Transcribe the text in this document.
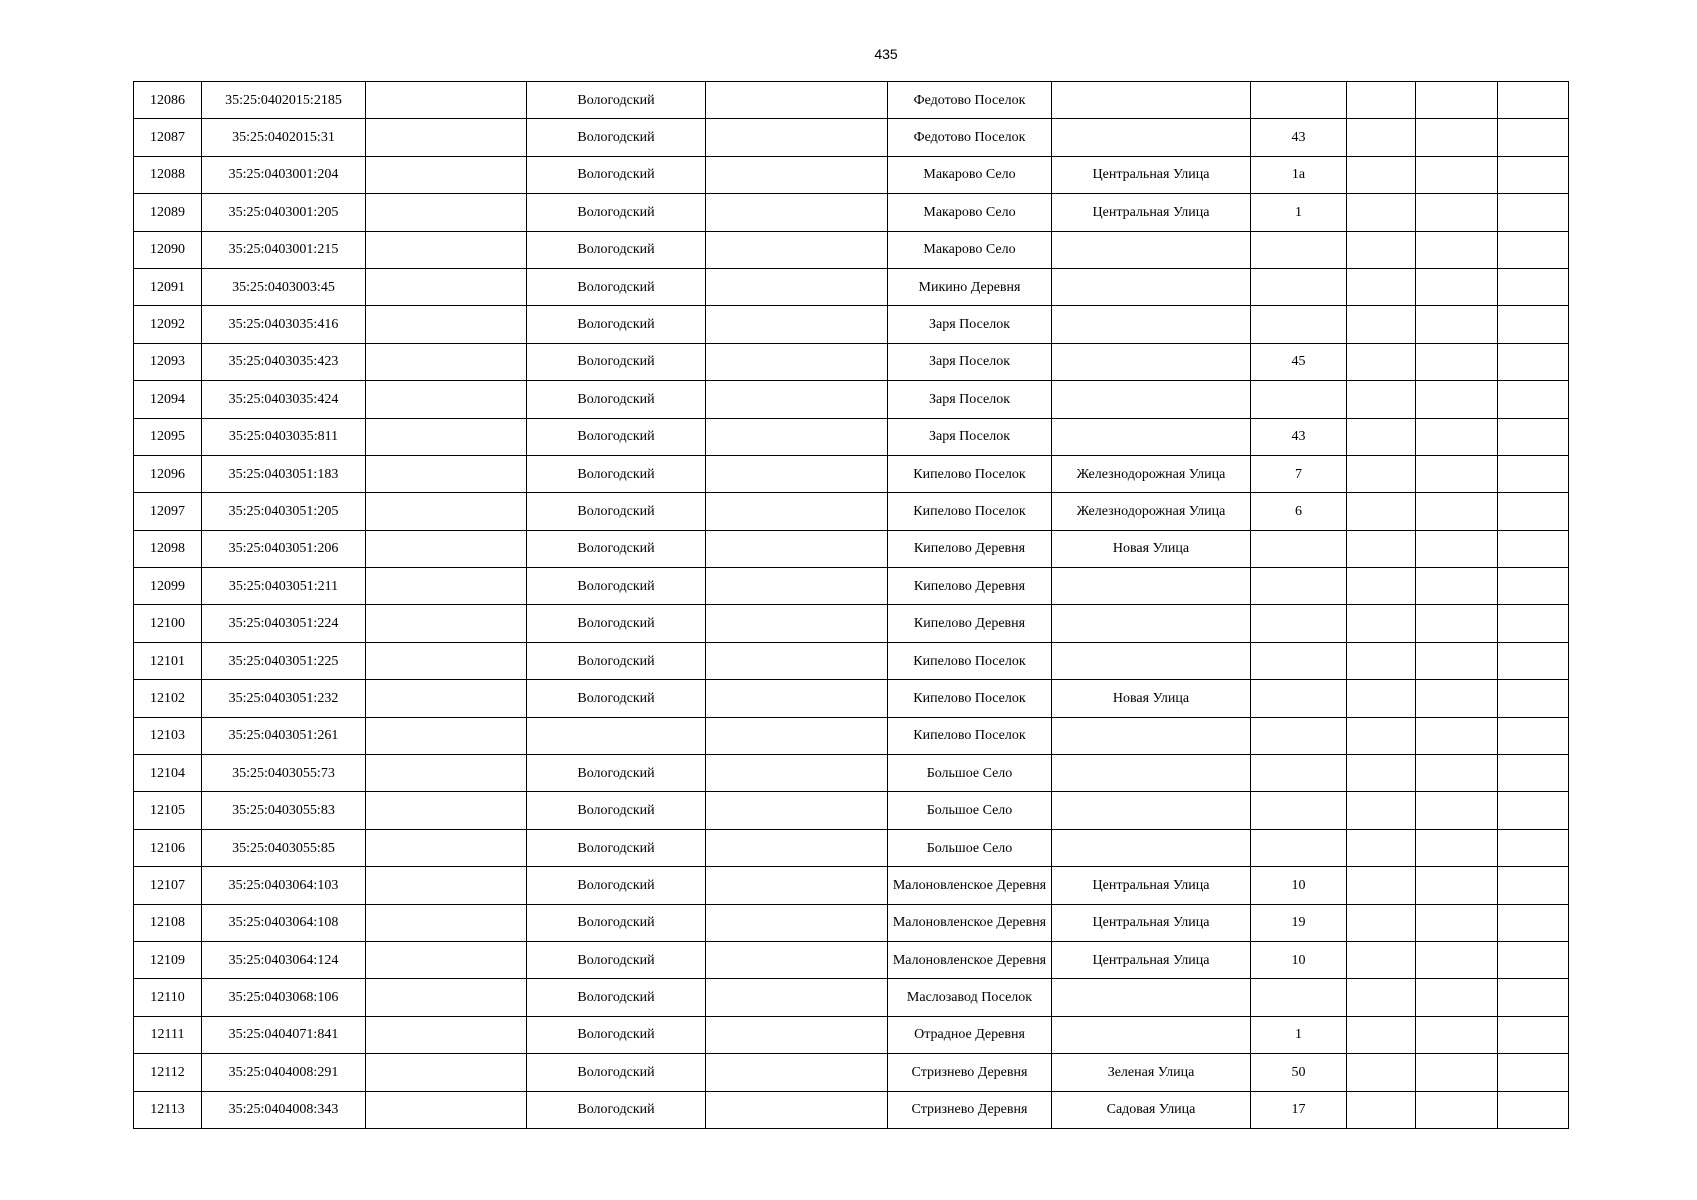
435
12086	35:25:0402015:2185		Вологодский		Федотово Поселок					
12087	35:25:0402015:31		Вологодский		Федотово Поселок		43			
12088	35:25:0403001:204		Вологодский		Макарово Село	Центральная Улица	1а			
12089	35:25:0403001:205		Вологодский		Макарово Село	Центральная Улица	1			
12090	35:25:0403001:215		Вологодский		Макарово Село					
12091	35:25:0403003:45		Вологодский		Микино Деревня					
12092	35:25:0403035:416		Вологодский		Заря Поселок					
12093	35:25:0403035:423		Вологодский		Заря Поселок		45			
12094	35:25:0403035:424		Вологодский		Заря Поселок					
12095	35:25:0403035:811		Вологодский		Заря Поселок		43			
12096	35:25:0403051:183		Вологодский		Кипелово Поселок	Железнодорожная Улица	7			
12097	35:25:0403051:205		Вологодский		Кипелово Поселок	Железнодорожная Улица	6			
12098	35:25:0403051:206		Вологодский		Кипелово Деревня	Новая Улица				
12099	35:25:0403051:211		Вологодский		Кипелово Деревня					
12100	35:25:0403051:224		Вологодский		Кипелово Деревня					
12101	35:25:0403051:225		Вологодский		Кипелово Поселок					
12102	35:25:0403051:232		Вологодский		Кипелово Поселок	Новая Улица				
12103	35:25:0403051:261				Кипелово Поселок					
12104	35:25:0403055:73		Вологодский		Большое Село					
12105	35:25:0403055:83		Вологодский		Большое Село					
12106	35:25:0403055:85		Вологодский		Большое Село					
12107	35:25:0403064:103		Вологодский		Малоновленское Деревня	Центральная Улица	10			
12108	35:25:0403064:108		Вологодский		Малоновленское Деревня	Центральная Улица	19			
12109	35:25:0403064:124		Вологодский		Малоновленское Деревня	Центральная Улица	10			
12110	35:25:0403068:106		Вологодский		Маслозавод Поселок					
12111	35:25:0404071:841		Вологодский		Отрадное Деревня		1			
12112	35:25:0404008:291		Вологодский		Стризнево Деревня	Зеленая Улица	50			
12113	35:25:0404008:343		Вологодский		Стризнево Деревня	Садовая Улица	17			
